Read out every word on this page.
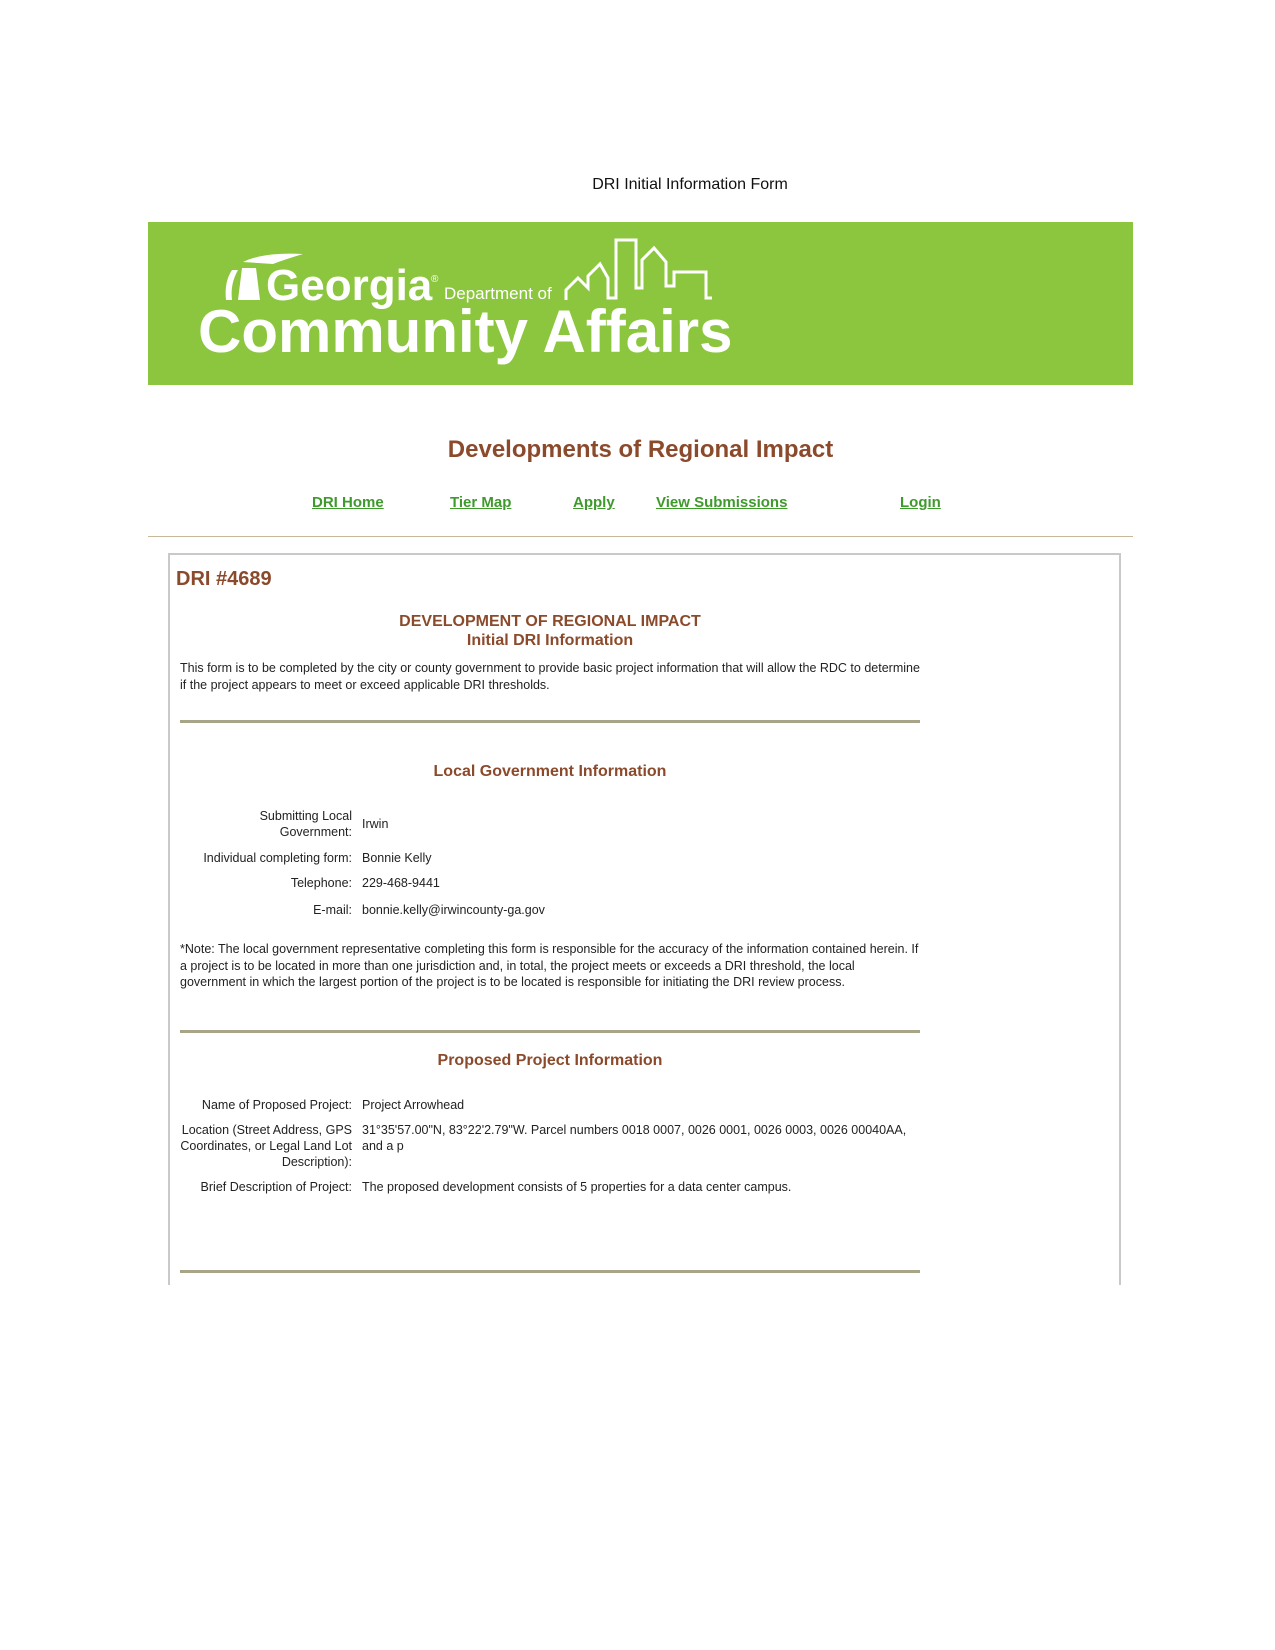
DRI Initial Information Form
Georgia
®
Department of
Community Affairs
Developments of Regional Impact
DRI Home	Tier Map	Apply	View Submissions	Login
DRI #4689
DEVELOPMENT OF REGIONAL IMPACT
Initial DRI Information
This form is to be completed by the city or county government to provide basic project information that will allow the RDC to determine if the project appears to meet or exceed applicable DRI thresholds.
Local Government Information
Submitting Local Government:
Irwin
Individual completing form: Bonnie Kelly
Telephone: 229-468-9441
E-mail: bonnie.kelly@irwincounty-ga.gov
*Note: The local government representative completing this form is responsible for the accuracy of the information contained herein. If a project is to be located in more than one jurisdiction and, in total, the project meets or exceeds a DRI threshold, the local government in which the largest portion of the project is to be located is responsible for initiating the DRI review process.
Proposed Project Information
Name of Proposed Project: Project Arrowhead
Location (Street Address, GPS Coordinates, or Legal Land Lot Description):
31°35'57.00"N, 83°22'2.79"W. Parcel numbers 0018 0007, 0026 0001, 0026 0003, 0026 00040AA, and a p
Brief Description of Project: The proposed development consists of 5 properties for a data center campus.
